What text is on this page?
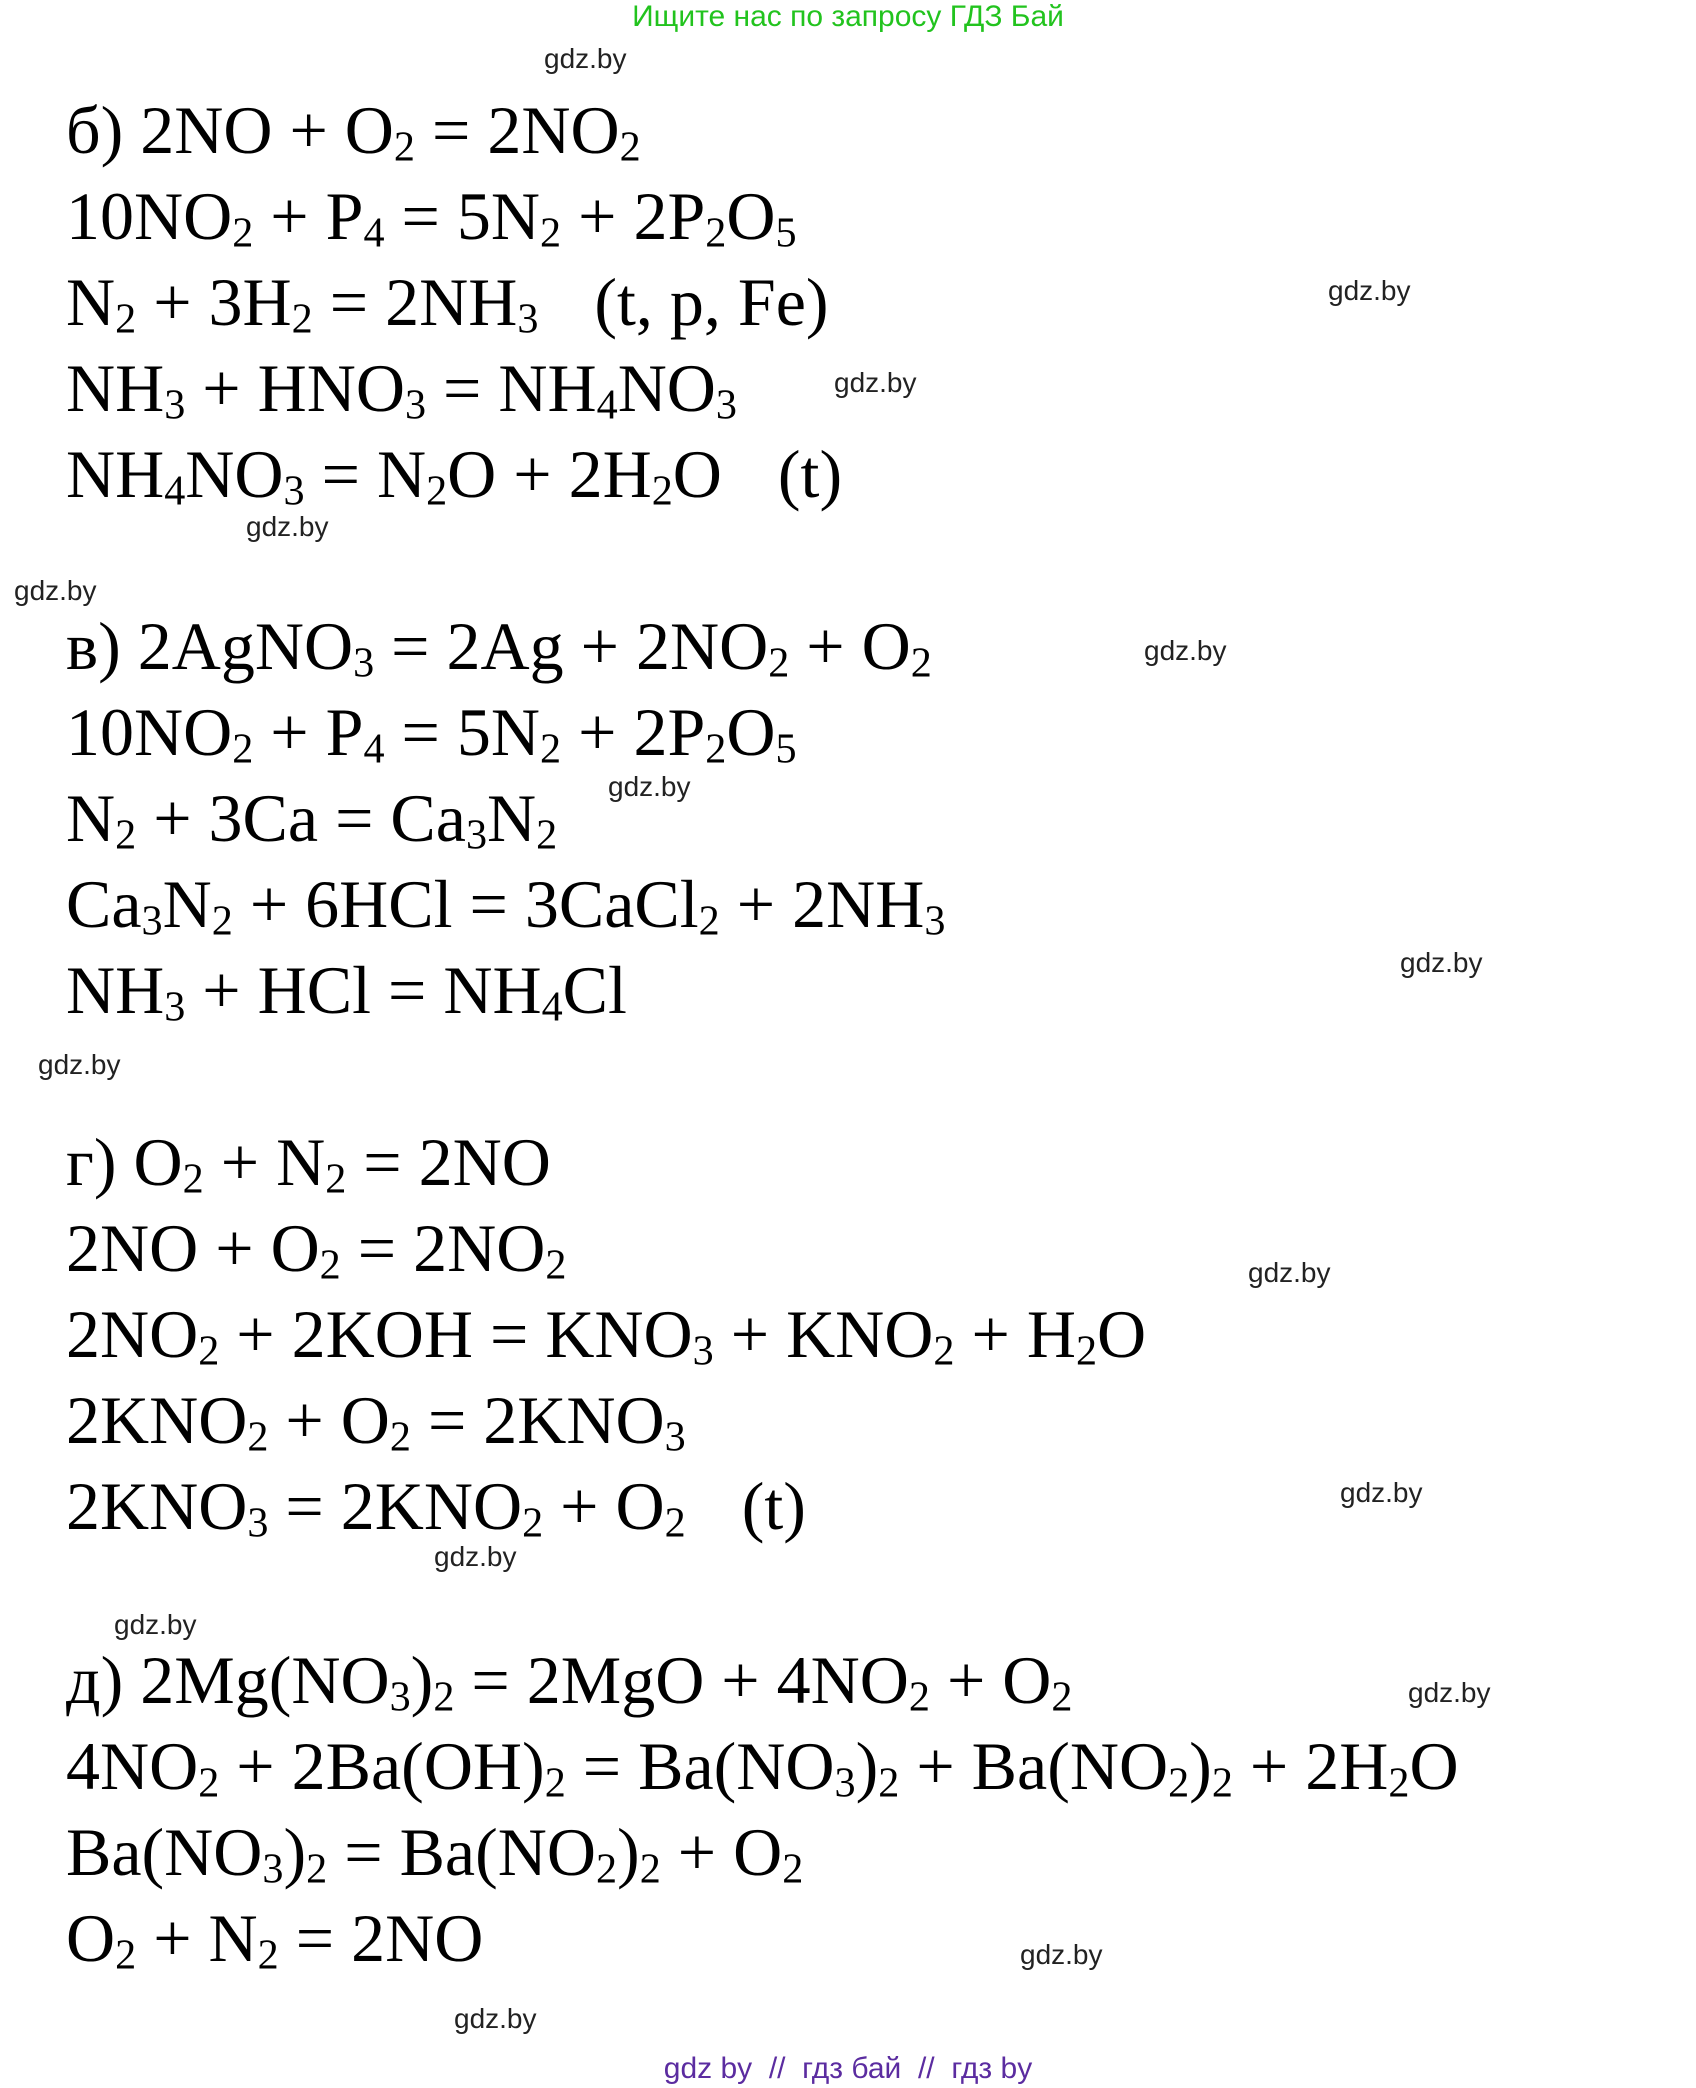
Ищите нас по запросу ГДЗ Бай
gdz.by
gdz.by
gdz.by
gdz.by
gdz.by
gdz.by
gdz.by
gdz.by
gdz.by
gdz.by
gdz.by
gdz.by
gdz.by
gdz.by
gdz.by
gdz.by
б) $2NO + O_2 = 2NO_2$
$10NO_2 + P_4 = 5N_2 + 2P_2O_5$
$N_2 + 3H_2 = 2NH_3$ (t, p, Fe)
$NH_3 + HNO_3 = NH_4NO_3$
$NH_4NO_3 = N_2O + 2H_2O$ (t)
в) 2AgNO$_3$ = $2Ag + 2NO_2 + O_2$
$10NO_2 + P_4 = 5N_2 + 2P_2O_5$
$N_2 + 3Ca = Ca_3N_2$
$Ca_3N_2 + 6HCl$ = 3CaCl$_2$ + $2NH_3$
$NH_3$ + HCl = $NH_4Cl$
г) $O_2 + N_2 = 2NO$
$2NO + O_2 = 2NO_2$
$2NO_2 + 2KOH = KNO_3 + KNO_2 + H_2O$
$2KNO_2 + O_2 = 2KNO_3$
$2KNO_3 = 2KNO_2 + O_2$ (t)
д) $2Mg(NO_3)_2 = 2MgO + 4NO_2 + O_2$
$4NO_2 + 2Ba(OH)_2 = Ba(NO_3)_2 + Ba(NO_2)_2 + 2H_2O$
$Ba(NO_3)_2 = Ba(NO_2)_2 + O_2$
$O_2 + N_2 = 2NO$
gdz by  //  гдз бай  //  гдз by
